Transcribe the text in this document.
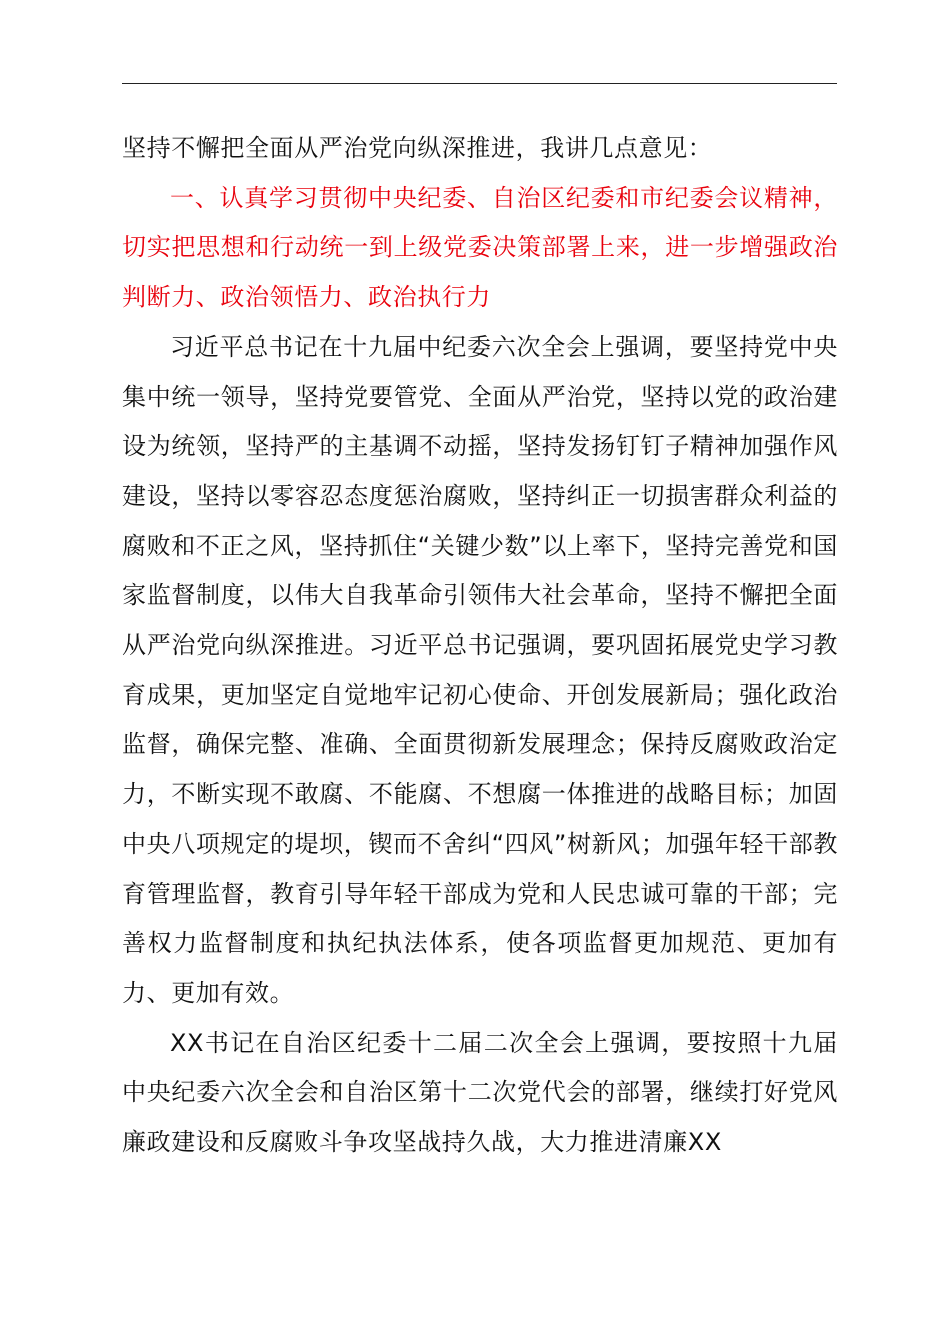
坚持不懈把全面从严治党向纵深推进，我讲几点意见：

一、认真学习贯彻中央纪委、自治区纪委和市纪委会议精神，切实把思想和行动统一到上级党委决策部署上来，进一步增强政治判断力、政治领悟力、政治执行力

习近平总书记在十九届中纪委六次全会上强调，要坚持党中央集中统一领导，坚持党要管党、全面从严治党，坚持以党的政治建设为统领，坚持严的主基调不动摇，坚持发扬钉钉子精神加强作风建设，坚持以零容忍态度惩治腐败，坚持纠正一切损害群众利益的腐败和不正之风，坚持抓住“关键少数”以上率下，坚持完善党和国家监督制度，以伟大自我革命引领伟大社会革命，坚持不懈把全面从严治党向纵深推进。习近平总书记强调，要巩固拓展党史学习教育成果，更加坚定自觉地牢记初心使命、开创发展新局；强化政治监督，确保完整、准确、全面贯彻新发展理念；保持反腐败政治定力，不断实现不敢腐、不能腐、不想腐一体推进的战略目标；加固中央八项规定的堤坝，锲而不舍纠“四风”树新风；加强年轻干部教育管理监督，教育引导年轻干部成为党和人民忠诚可靠的干部；完善权力监督制度和执纪执法体系，使各项监督更加规范、更加有力、更加有效。

XX书记在自治区纪委十二届二次全会上强调，要按照十九届中央纪委六次全会和自治区第十二次党代会的部署，继续打好党风廉政建设和反腐败斗争攻坚战持久战，大力推进清廉XX
